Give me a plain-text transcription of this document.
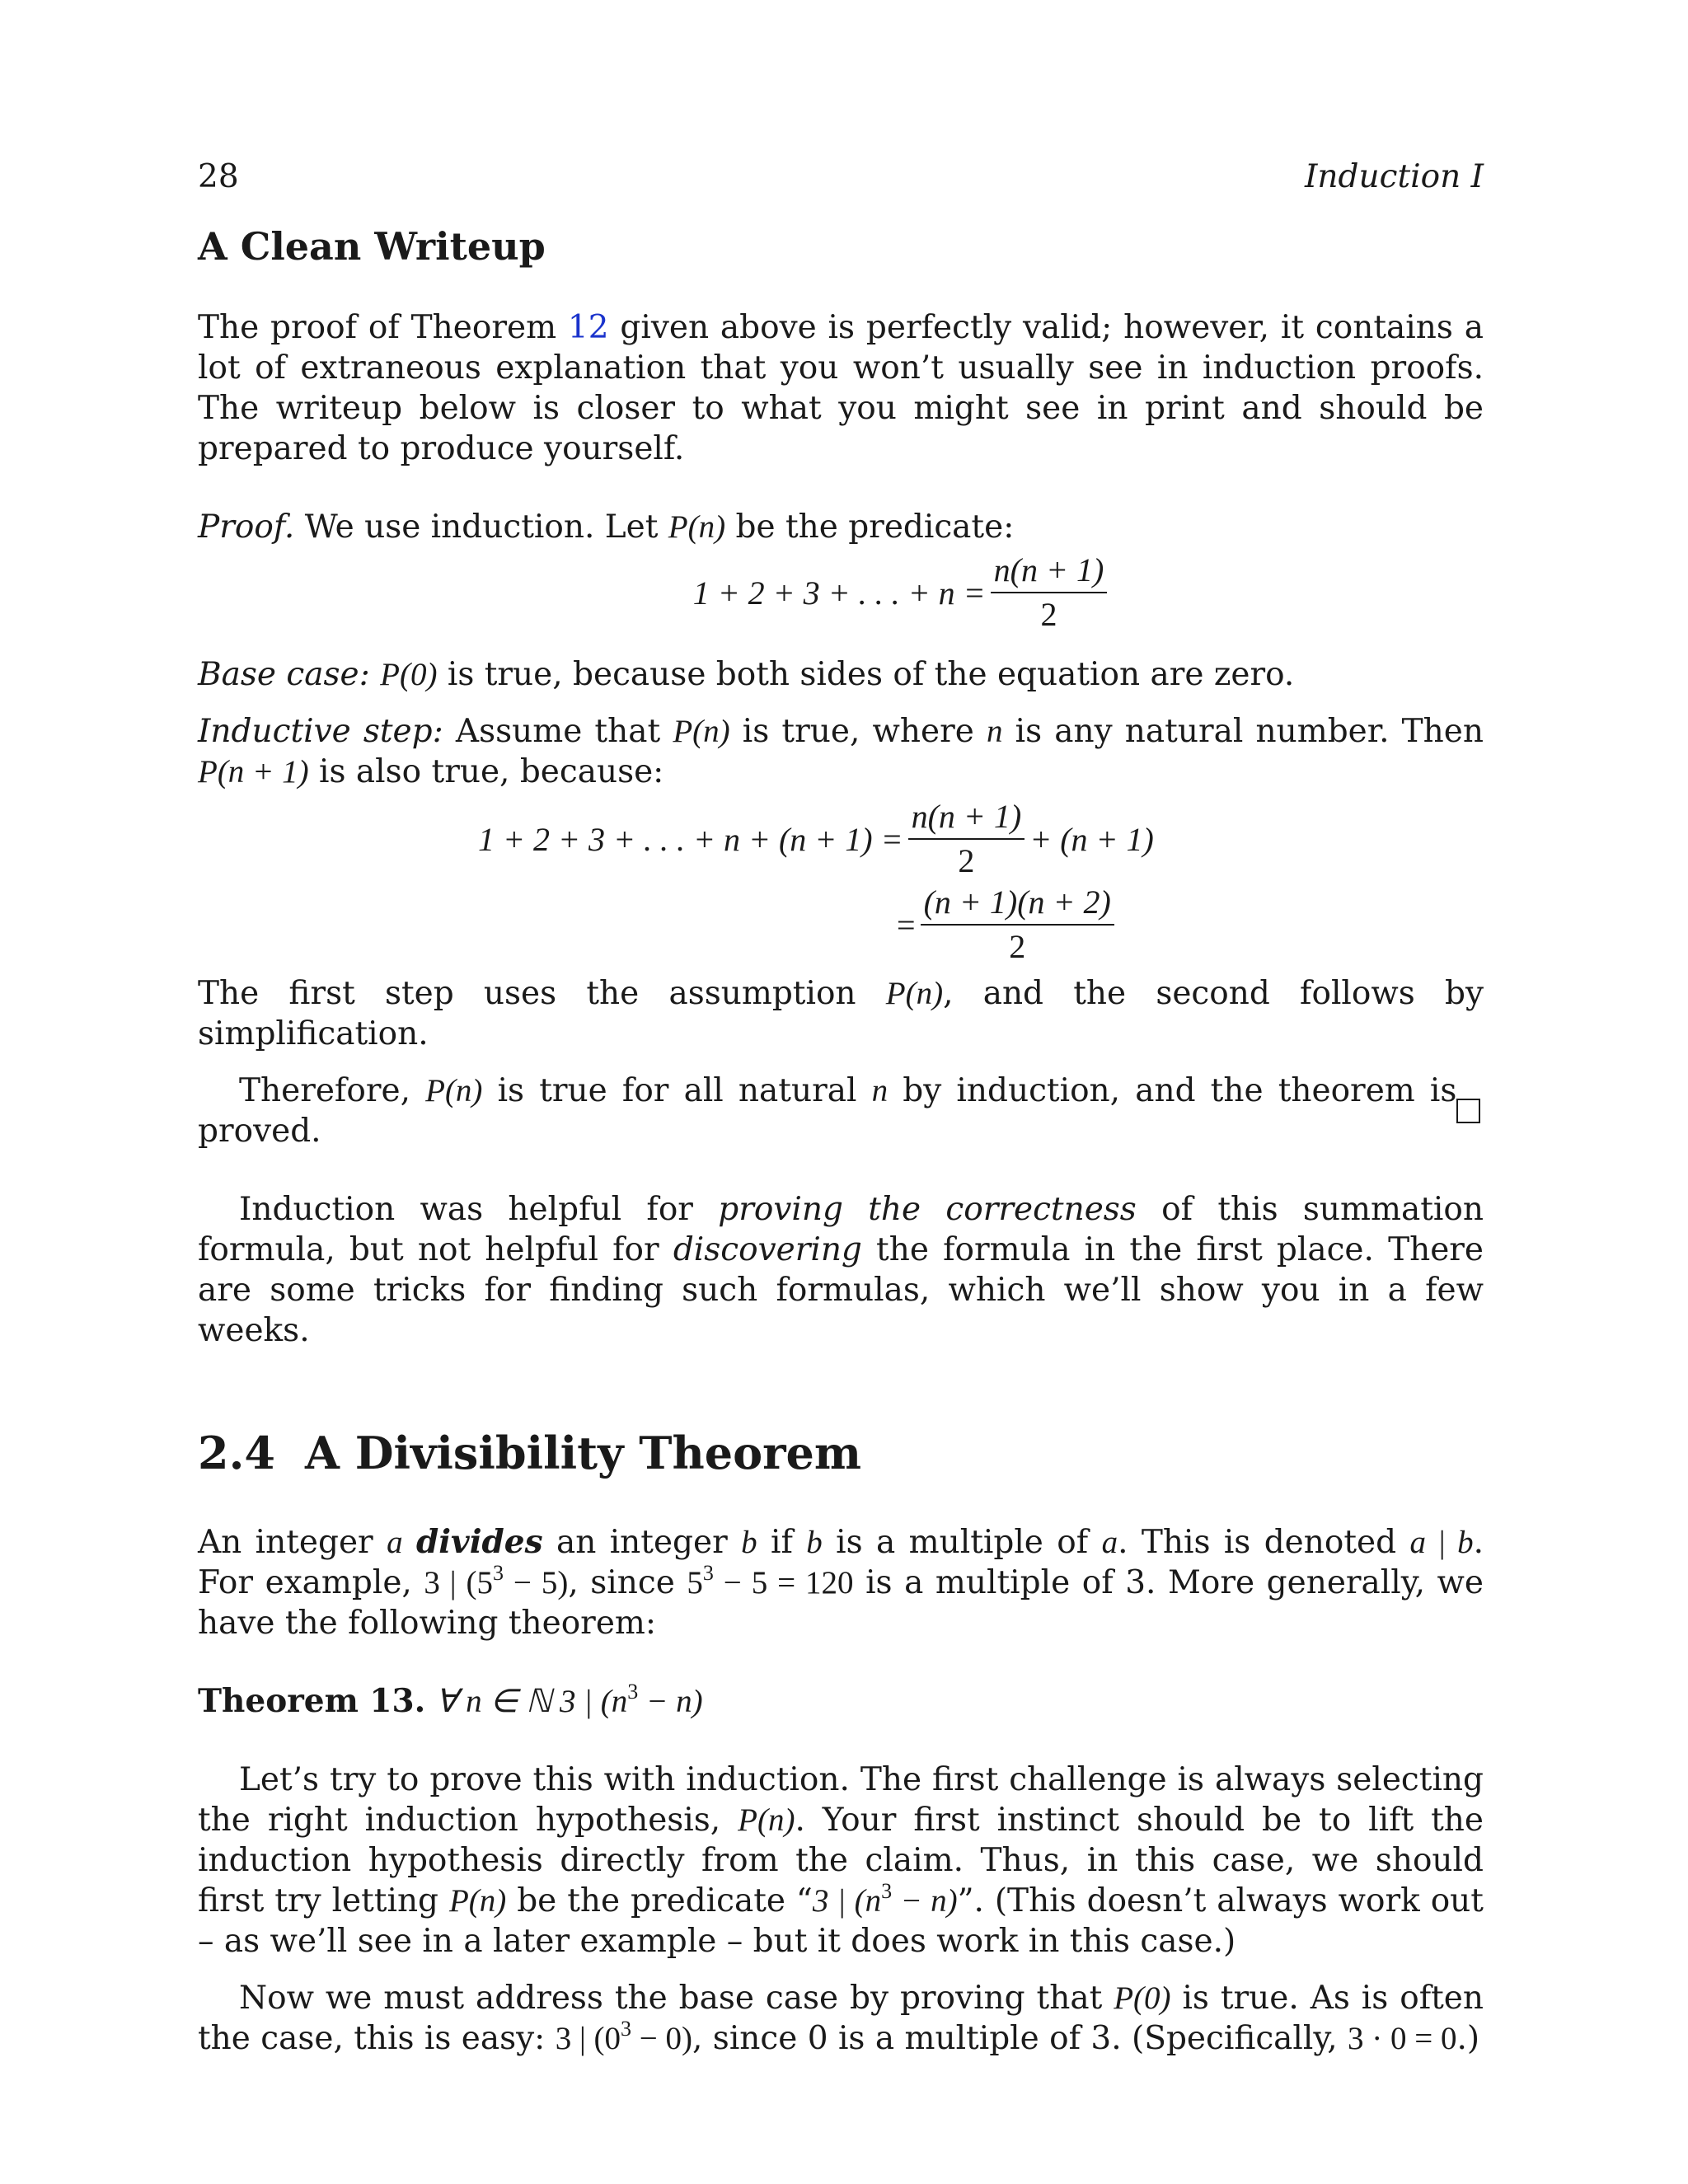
28	Induction I
A Clean Writeup

The proof of Theorem 12 given above is perfectly valid; however, it contains a lot of extraneous explanation that you won’t usually see in induction proofs. The writeup below is closer to what you might see in print and should be prepared to produce yourself.

Proof. We use induction. Let P(n) be the predicate:

1 + 2 + 3 + . . . + $n = \frac{n(n + 1)}{2}$

Base case: P(0) is true, because both sides of the equation are zero.

Inductive step: Assume that P(n) is true, where n is any natural number. Then P(n + 1) is also true, because:

1 + 2 + 3 + . . . + $n + (n + 1) = \frac{n(n + 1)}{2} + (n + 1)$
= $\frac{(n + 1)(n + 2)}{2}$

The first step uses the assumption P(n), and the second follows by simplification.

Therefore, P(n) is true for all natural n by induction, and the theorem is proved.

Induction was helpful for proving the correctness of this summation formula, but not helpful for discovering the formula in the first place. There are some tricks for finding such formulas, which we’ll show you in a few weeks.

2.4 A Divisibility Theorem

An integer a divides an integer b if b is a multiple of a. This is denoted a | b. For example, 3 | $(5^3 - 5)$, since $5^3 - 5 = 120$ is a multiple of 3. More generally, we have the following theorem:

Theorem 13. ∀ n ∈ ℕ 3 | $(n^3 - n)$

Let’s try to prove this with induction. The first challenge is always selecting the right induction hypothesis, P(n). Your first instinct should be to lift the induction hypothesis directly from the claim. Thus, in this case, we should first try letting P(n) be the predicate “3 | $(n^3 - n)$”. (This doesn’t always work out – as we’ll see in a later example – but it does work in this case.)

Now we must address the base case by proving that P(0) is true. As is often the case, this is easy: 3 | $(0^3 - 0)$, since 0 is a multiple of 3. (Specifically, 3 · 0 = 0.)
